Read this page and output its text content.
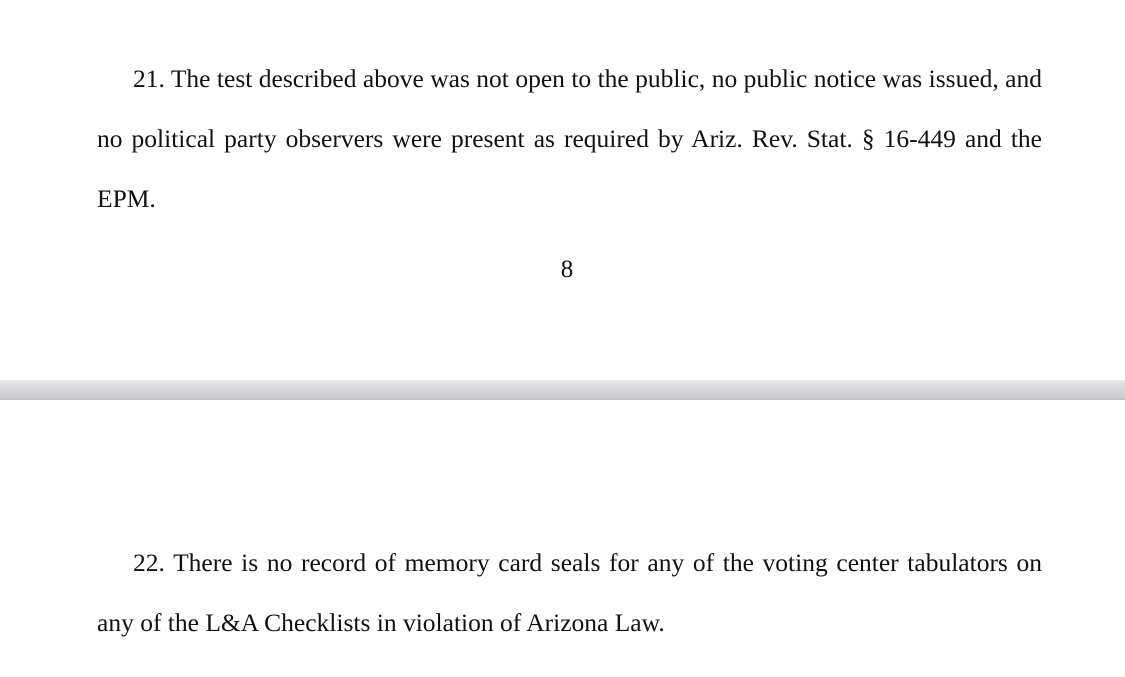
21. The test described above was not open to the public, no public notice was issued, and no political party observers were present as required by Ariz. Rev. Stat. § 16-449 and the EPM.

8

22. There is no record of memory card seals for any of the voting center tabulators on any of the L&A Checklists in violation of Arizona Law.
